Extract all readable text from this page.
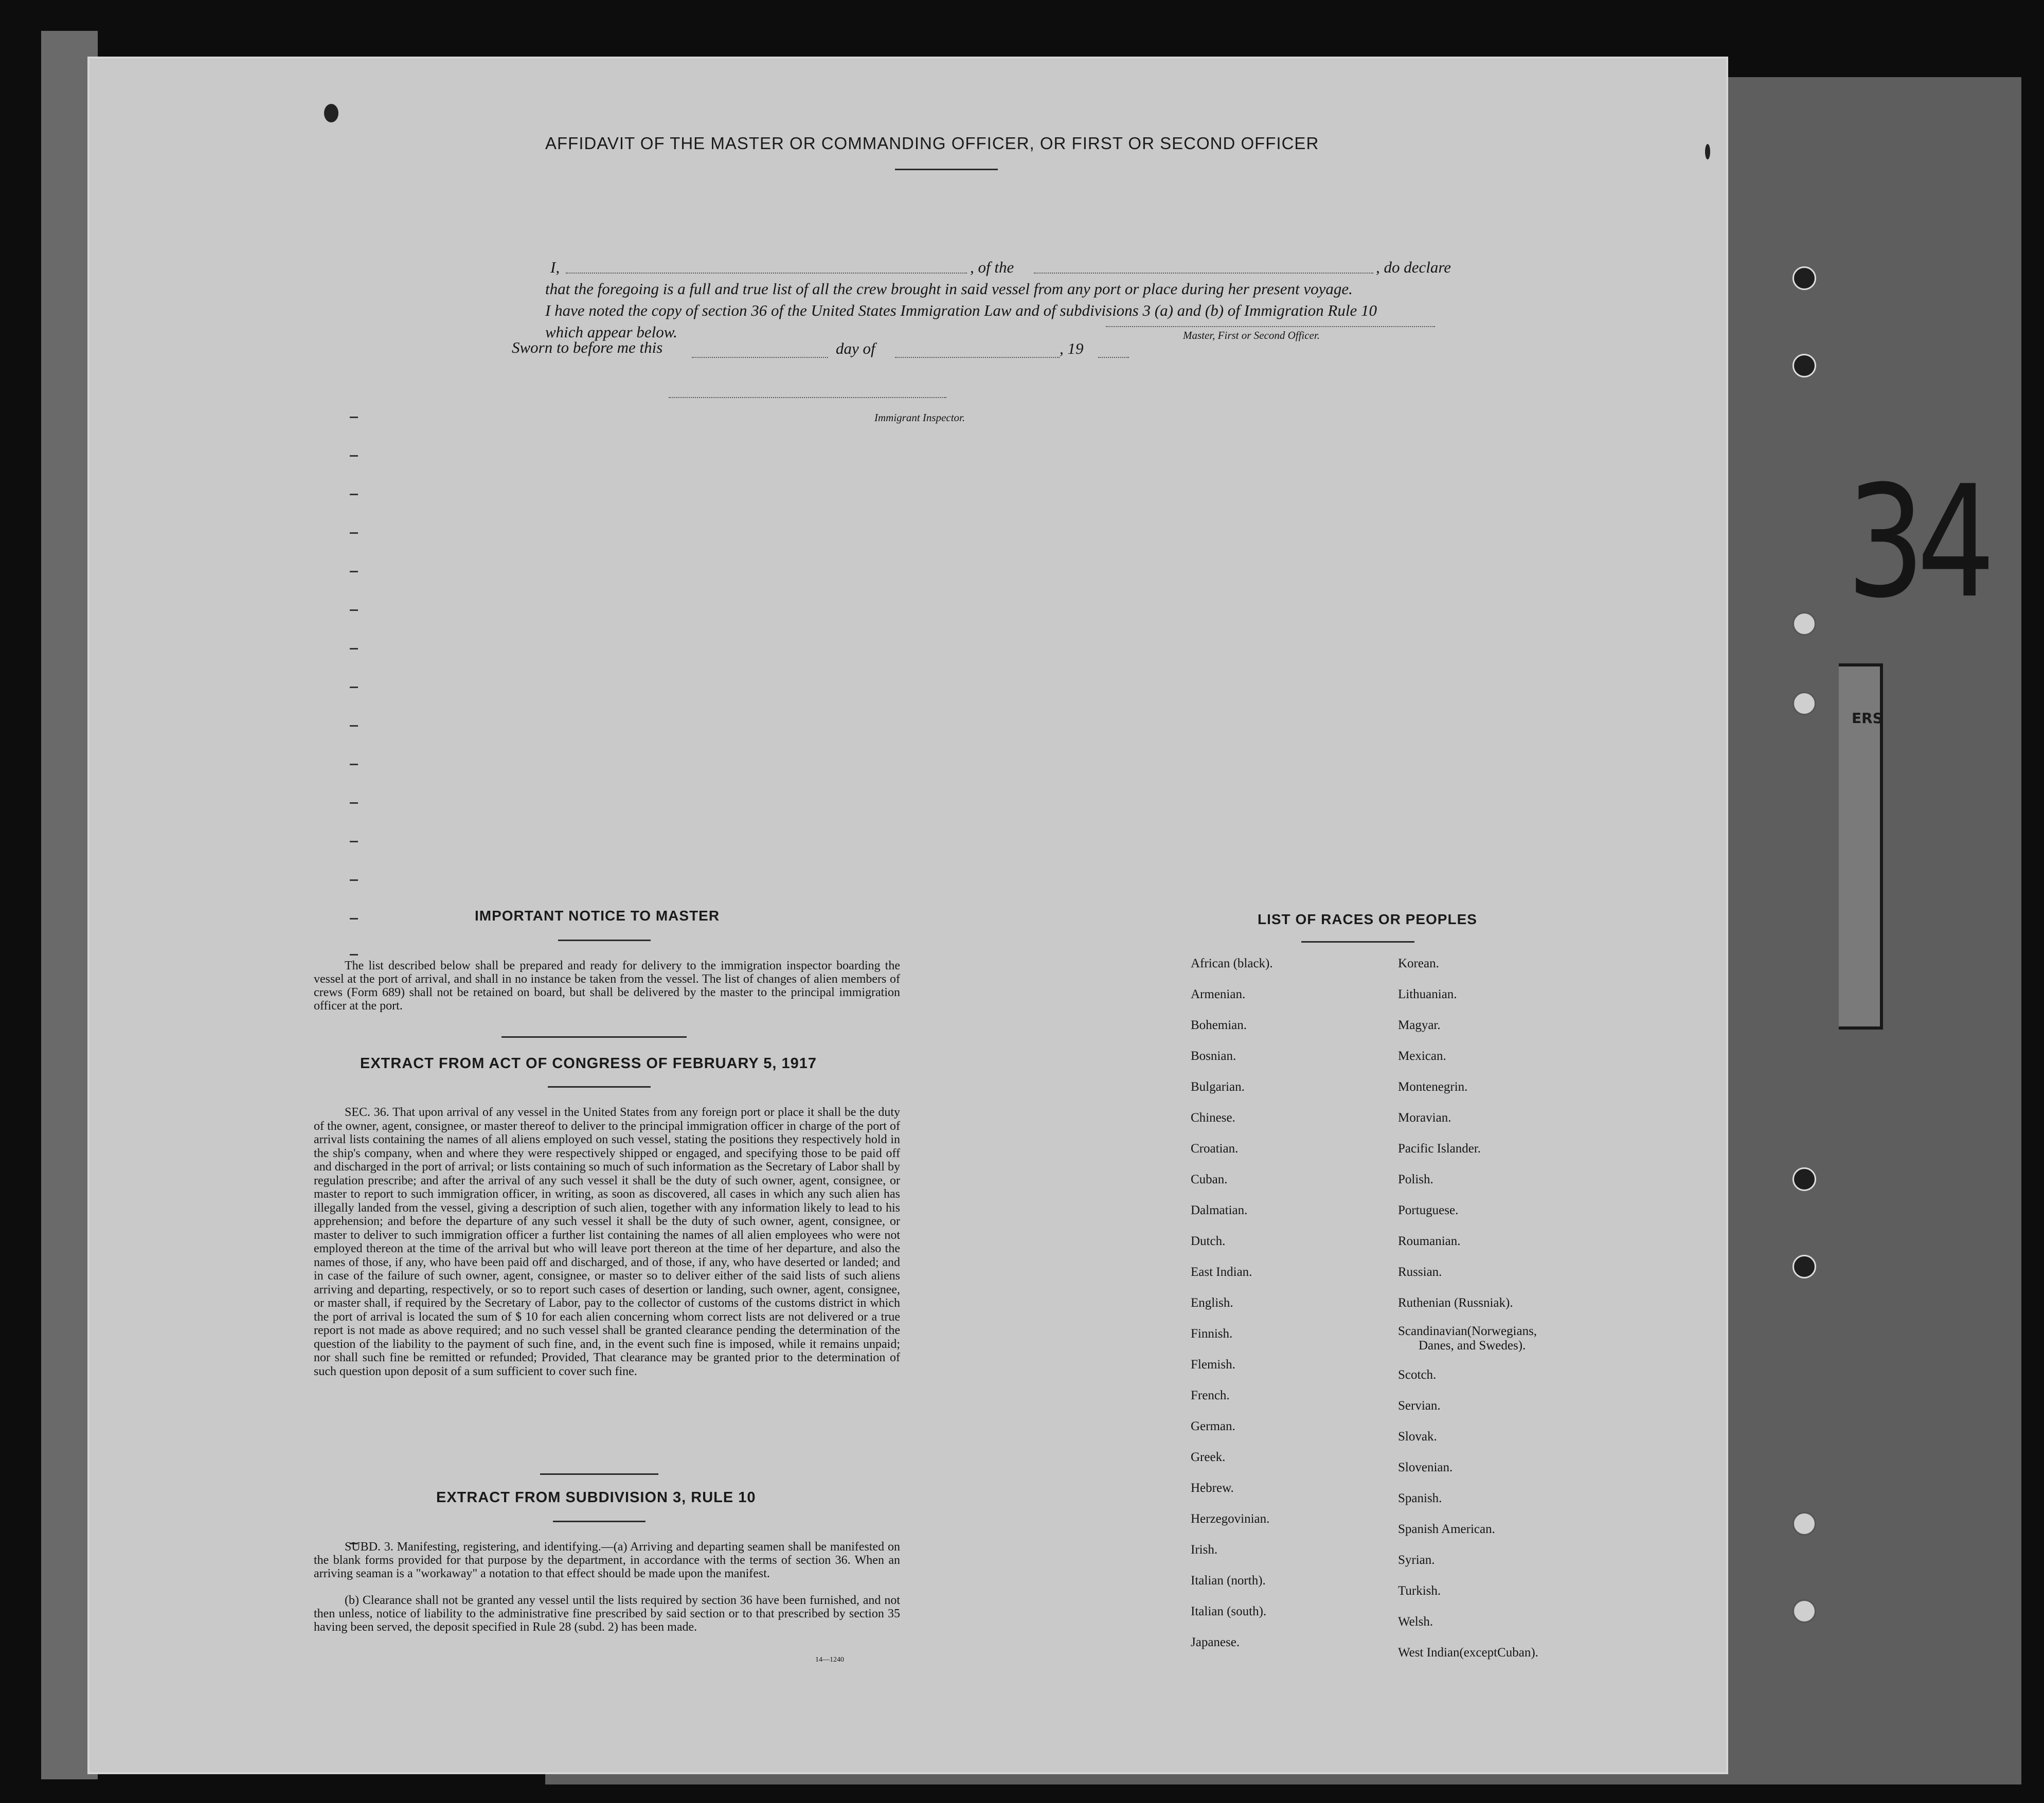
34
ERS
AFFIDAVIT OF THE MASTER OR COMMANDING OFFICER, OR FIRST OR SECOND OFFICER
I,	, of the	, do declare
that the foregoing is a full and true list of all the crew brought in said vessel from any port or place during her present voyage.
I have noted the copy of section 36 of the United States Immigration Law and of subdivisions 3 (a) and (b) of Immigration Rule 10
which appear below.	Master, First or Second Officer.
Sworn to before me this	day of	, 19
Immigrant Inspector.
IMPORTANT NOTICE TO MASTER
The list described below shall be prepared and ready for delivery to the immigration inspector boarding the vessel at the port of arrival, and shall in no instance be taken from the vessel. The list of changes of alien members of crews (Form 689) shall not be retained on board, but shall be delivered by the master to the principal immigration officer at the port.
EXTRACT FROM ACT OF CONGRESS OF FEBRUARY 5, 1917
SEC. 36. That upon arrival of any vessel in the United States from any foreign port or place it shall be the duty of the owner, agent, consignee, or master thereof to deliver to the principal immigration officer in charge of the port of arrival lists containing the names of all aliens employed on such vessel, stating the positions they respectively hold in the ship's company, when and where they were respectively shipped or engaged, and specifying those to be paid off and discharged in the port of arrival; or lists containing so much of such information as the Secretary of Labor shall by regulation prescribe; and after the arrival of any such vessel it shall be the duty of such owner, agent, consignee, or master to report to such immigration officer, in writing, as soon as discovered, all cases in which any such alien has illegally landed from the vessel, giving a description of such alien, together with any information likely to lead to his apprehension; and before the departure of any such vessel it shall be the duty of such owner, agent, consignee, or master to deliver to such immigration officer a further list containing the names of all alien employees who were not employed thereon at the time of the arrival but who will leave port thereon at the time of her departure, and also the names of those, if any, who have been paid off and discharged, and of those, if any, who have deserted or landed; and in case of the failure of such owner, agent, consignee, or master so to deliver either of the said lists of such aliens arriving and departing, respectively, or so to report such cases of desertion or landing, such owner, agent, consignee, or master shall, if required by the Secretary of Labor, pay to the collector of customs of the customs district in which the port of arrival is located the sum of $ 10 for each alien concerning whom correct lists are not delivered or a true report is not made as above required; and no such vessel shall be granted clearance pending the determination of the question of the liability to the payment of such fine, and, in the event such fine is imposed, while it remains unpaid; nor shall such fine be remitted or refunded; Provided, That clearance may be granted prior to the determination of such question upon deposit of a sum sufficient to cover such fine.
EXTRACT FROM SUBDIVISION 3, RULE 10
SUBD. 3. Manifesting, registering, and identifying.—(a) Arriving and departing seamen shall be manifested on the blank forms provided for that purpose by the department, in accordance with the terms of section 36. When an arriving seaman is a "workaway" a notation to that effect should be made upon the manifest.
(b) Clearance shall not be granted any vessel until the lists required by section 36 have been furnished, and not then unless, notice of liability to the administrative fine prescribed by said section or to that prescribed by section 35 having been served, the deposit specified in Rule 28 (subd. 2) has been made.
14—1240
LIST OF RACES OR PEOPLES
African (black).
Armenian.
Bohemian.
Bosnian.
Bulgarian.
Chinese.
Croatian.
Cuban.
Dalmatian.
Dutch.
East Indian.
English.
Finnish.
Flemish.
French.
German.
Greek.
Hebrew.
Herzegovinian.
Irish.
Italian (north).
Italian (south).
Japanese.
Korean.
Lithuanian.
Magyar.
Mexican.
Montenegrin.
Moravian.
Pacific Islander.
Polish.
Portuguese.
Roumanian.
Russian.
Ruthenian (Russniak).
Scandinavian(Norwegians,
Danes, and Swedes).
Scotch.
Servian.
Slovak.
Slovenian.
Spanish.
Spanish American.
Syrian.
Turkish.
Welsh.
West Indian(exceptCuban).
